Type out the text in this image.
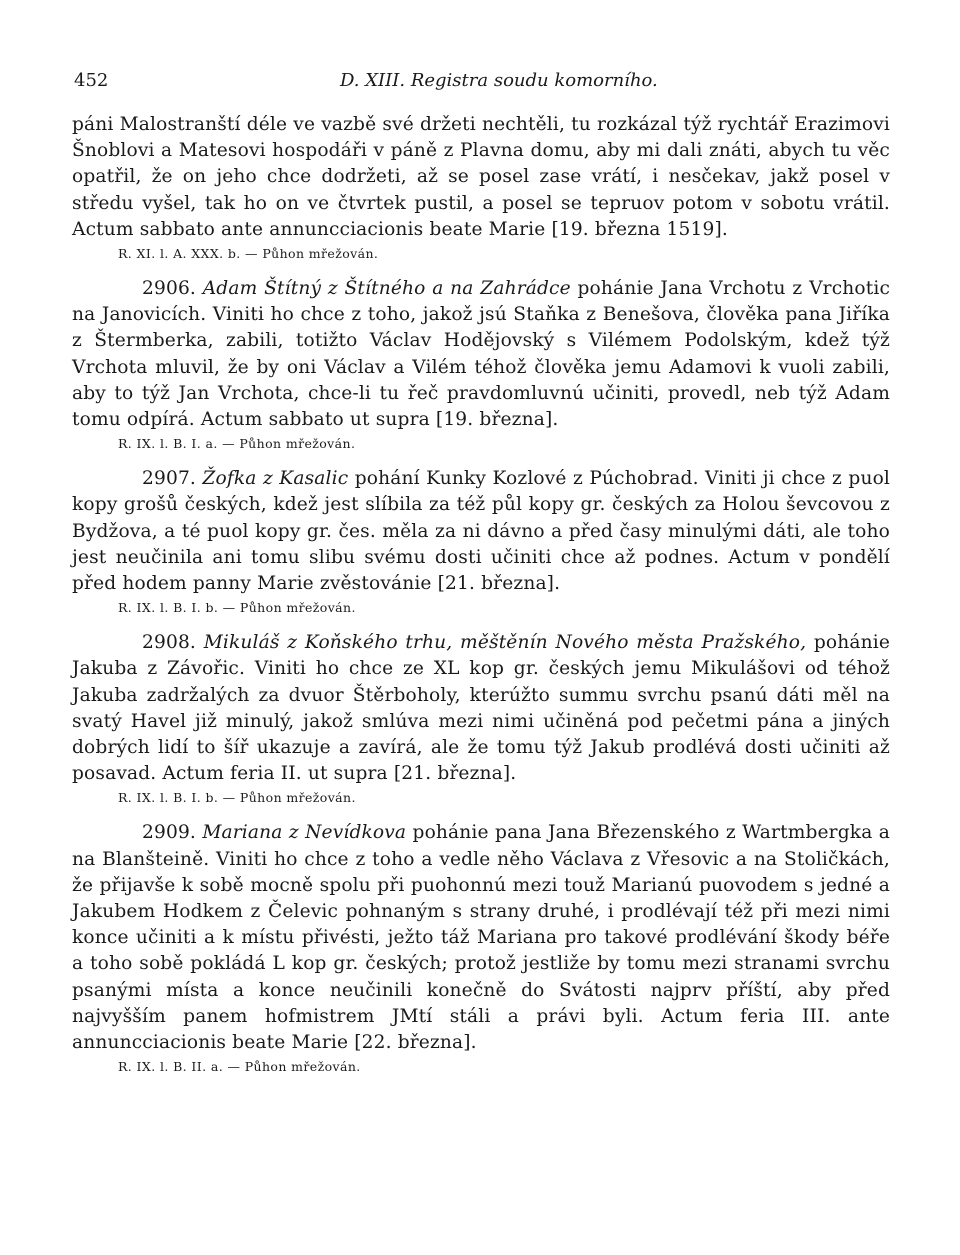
452	D. XIII. Registra soudu komorního.

páni Malostranští déle ve vazbě své držeti nechtěli, tu rozkázal týž rychtář Erazimovi Šnoblovi a Matesovi hospodáři v páně z Plavna domu, aby mi dali znáti, abych tu věc opatřil, že on jeho chce dodržeti, až se posel zase vrátí, i nesčekav, jakž posel v středu vyšel, tak ho on ve čtvrtek pustil, a posel se tepruov potom v sobotu vrátil. Actum sabbato ante annuncciacionis beate Marie [19. března 1519].

R. XI. l. A. XXX. b. — Půhon mřežován.

2906. Adam Štítný z Štítného a na Zahrádce pohánie Jana Vrchotu z Vrchotic na Janovicích. Viniti ho chce z toho, jakož jsú Staňka z Benešova, člověka pana Jiříka z Štermberka, zabili, totižto Václav Hodějovský s Vilémem Podolským, kdež týž Vrchota mluvil, že by oni Václav a Vilém téhož člověka jemu Adamovi k vuoli zabili, aby to týž Jan Vrchota, chce-li tu řeč pravdomluvnú učiniti, provedl, neb týž Adam tomu odpírá. Actum sabbato ut supra [19. března].

R. IX. l. B. I. a. — Půhon mřežován.

2907. Žofka z Kasalic pohání Kunky Kozlové z Púchobrad. Viniti ji chce z puol kopy grošů českých, kdež jest slíbila za též půl kopy gr. českých za Holou ševcovou z Bydžova, a té puol kopy gr. čes. měla za ni dávno a před časy minulými dáti, ale toho jest neučinila ani tomu slibu svému dosti učiniti chce až podnes. Actum v pondělí před hodem panny Marie zvěstovánie [21. března].

R. IX. l. B. I. b. — Půhon mřežován.

2908. Mikuláš z Koňského trhu, měštěnín Nového města Pražského, pohánie Jakuba z Závořic. Viniti ho chce ze XL kop gr. českých jemu Mikulášovi od téhož Jakuba zadržalých za dvuor Štěrboholy, kterúžto summu svrchu psanú dáti měl na svatý Havel již minulý, jakož smlúva mezi nimi učiněná pod pečetmi pána a jiných dobrých lidí to šíř ukazuje a zavírá, ale že tomu týž Jakub prodlévá dosti učiniti až posavad. Actum feria II. ut supra [21. března].

R. IX. l. B. I. b. — Půhon mřežován.

2909. Mariana z Nevídkova pohánie pana Jana Březenského z Wartmbergka a na Blanšteině. Viniti ho chce z toho a vedle něho Václava z Vřesovic a na Stoličkách, že přijavše k sobě mocně spolu při puohonnú mezi touž Marianú puovodem s jedné a Jakubem Hodkem z Čelevic pohnaným s strany druhé, i prodlévají též při mezi nimi konce učiniti a k místu přivésti, ježto táž Mariana pro takové prodlévání škody béře a toho sobě pokládá L kop gr. českých; protož jestliže by tomu mezi stranami svrchu psanými místa a konce neučinili konečně do Svátosti najprv příští, aby před najvyšším panem hofmistrem JMtí stáli a právi byli. Actum feria III. ante annuncciacionis beate Marie [22. března].

R. IX. l. B. II. a. — Půhon mřežován.
